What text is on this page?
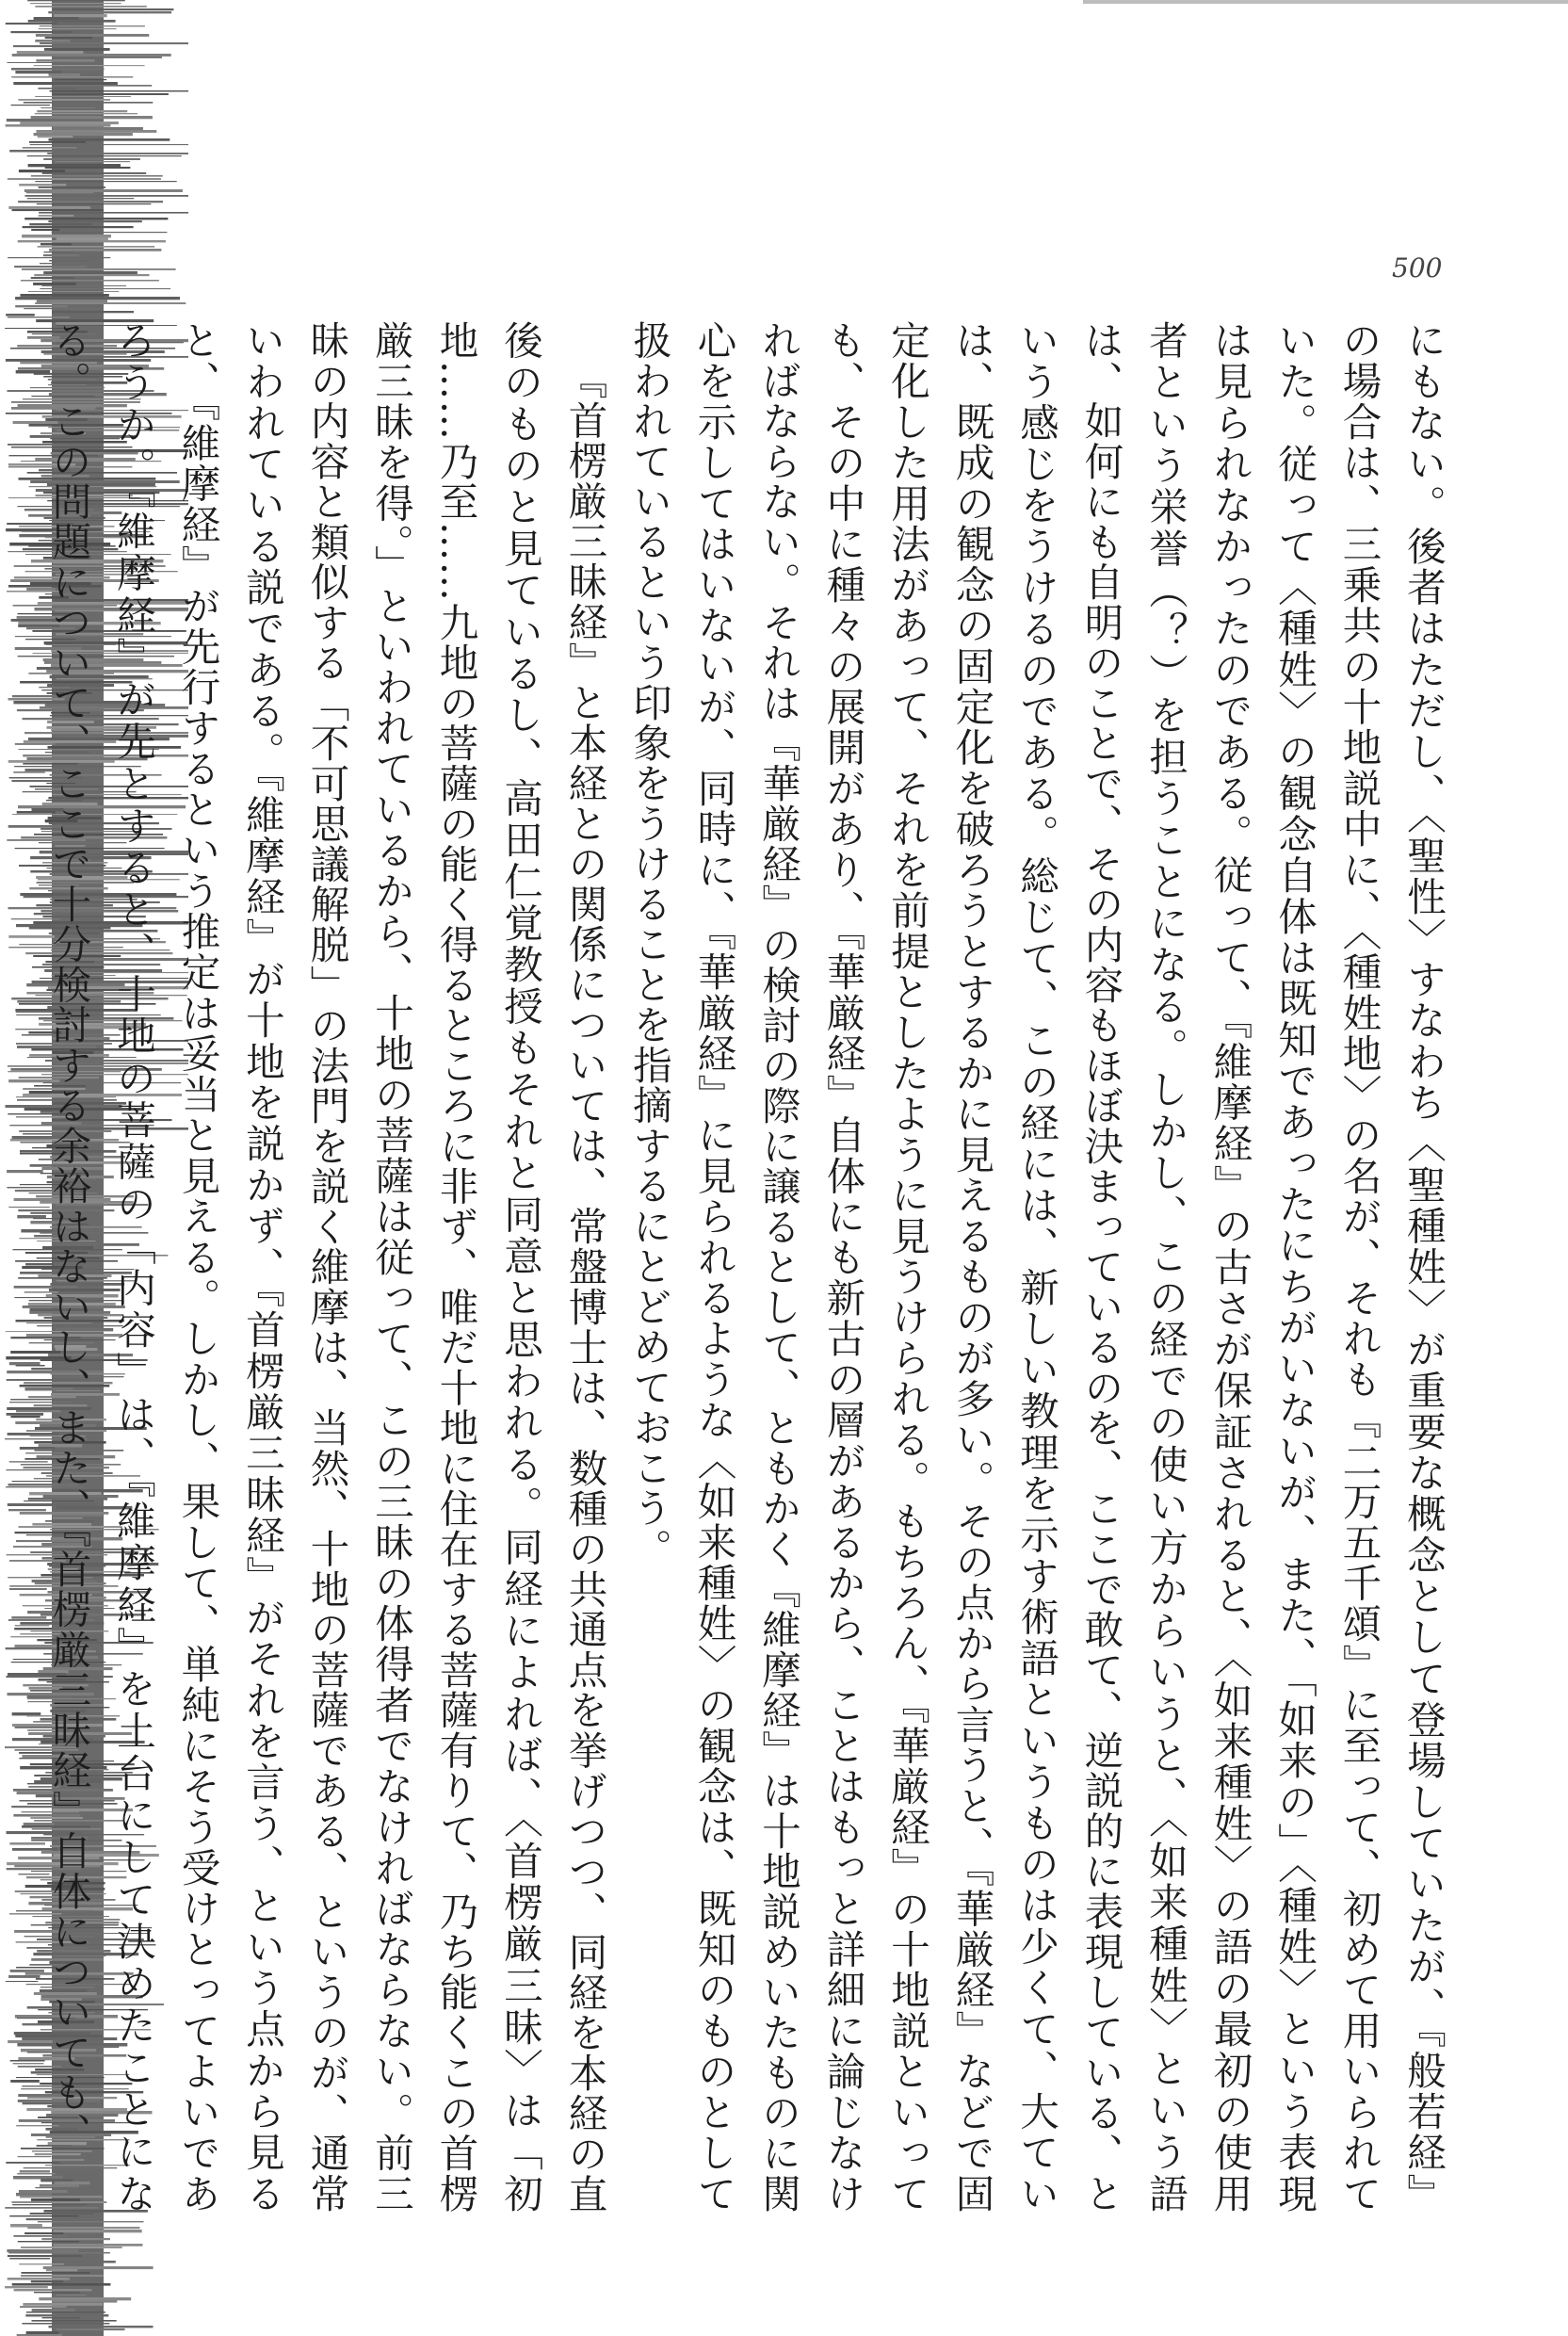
500

にもない。後者はただし、〈聖性〉すなわち〈聖種姓〉が重要な概念として登場していたが、『般若経』の場合は、三乗共の十地説中に、〈種姓地〉の名が、それも『二万五千頌』に至って、初めて用いられていた。従って〈種姓〉の観念自体は既知であったにちがいないが、また、「如来の」〈種姓〉という表現は見られなかったのである。従って、『維摩経』の古さが保証されると、〈如来種姓〉の語の最初の使用者という栄誉（？）を担うことになる。しかし、この経での使い方からいうと、〈如来種姓〉という語は、如何にも自明のことで、その内容もほぼ決まっているのを、ここで敢て、逆説的に表現している、という感じをうけるのである。総じて、この経には、新しい教理を示す術語というものは少くて、大ていは、既成の観念の固定化を破ろうとするかに見えるものが多い。その点から言うと、『華厳経』などで固定化した用法があって、それを前提としたように見うけられる。もちろん、『華厳経』の十地説といっても、その中に種々の展開があり、『華厳経』自体にも新古の層があるから、ことはもっと詳細に論じなければならない。それは『華厳経』の検討の際に譲るとして、ともかく『維摩経』は十地説めいたものに関心を示してはいないが、同時に、『華厳経』に見られるような〈如来種姓〉の観念は、既知のものとして扱われているという印象をうけることを指摘するにとどめておこう。

『首楞厳三昧経』と本経との関係については、常盤博士は、数種の共通点を挙げつつ、同経を本経の直後のものと見ているし、高田仁覚教授もそれと同意と思われる。同経によれば、〈首楞厳三昧〉は「初地……乃至……九地の菩薩の能く得るところに非ず、唯だ十地に住在する菩薩有りて、乃ち能くこの首楞厳三昧を得。」といわれているから、十地の菩薩は従って、この三昧の体得者でなければならない。前三昧の内容と類似する「不可思議解脱」の法門を説く維摩は、当然、十地の菩薩である、というのが、通常いわれている説である。『維摩経』が十地を説かず、『首楞厳三昧経』がそれを言う、という点から見ると、『維摩経』が先行するという推定は妥当と見える。しかし、果して、単純にそう受けとってよいであろうか。『維摩経』が先とすると、十地の菩薩の「内容」は、『維摩経』を土台にして決めたことになる。この問題について、ここで十分検討する余裕はないし、また、『首楞厳三昧経』自体についても、
